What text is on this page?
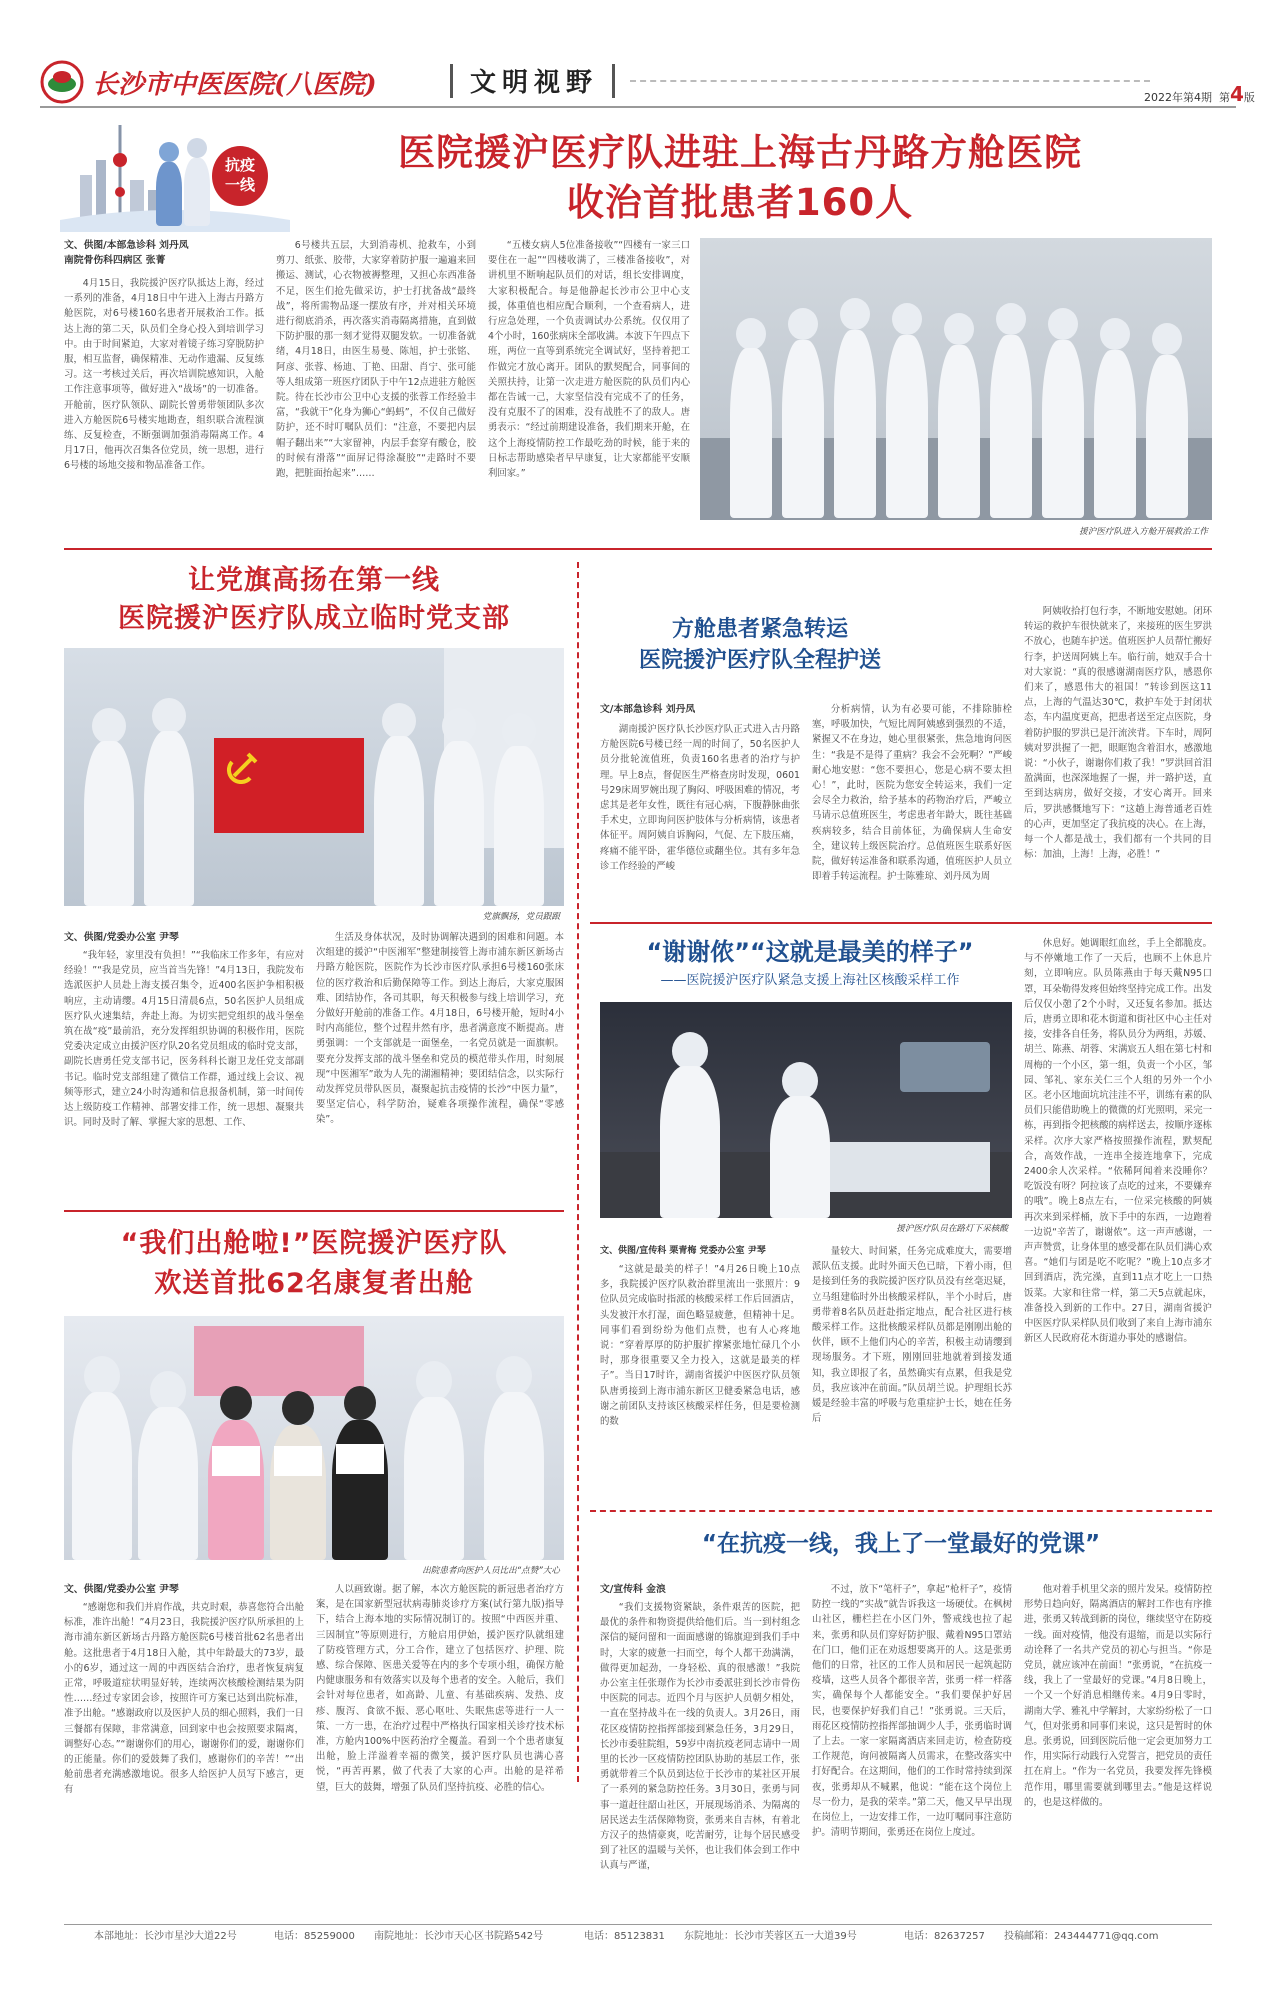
长沙市中医医院(八医院)	文明视野	2022年第4期 第4版
抗疫
一线
医院援沪医疗队进驻上海古丹路方舱医院
收治首批患者160人
文、供图/本部急诊科 刘丹凤
南院骨伤科四病区 张菁
4月15日，我院援沪医疗队抵达上海，经过一系列的准备，4月18日中午进入上海古丹路方舱医院，对6号楼160名患者开展救治工作。抵达上海的第二天，队员们全身心投入到培训学习中。由于时间紧迫，大家对着镜子练习穿脱防护服，相互监督，确保精准、无动作遗漏、反复练习。这一考核过关后，再次培训院感知识，入舱工作注意事项等，做好进入“战场”的一切准备。开舱前，医疗队领队、副院长曾勇带领团队多次进入方舱医院6号楼实地勘查，组织联合流程演练、反复检查，不断强调加强消毒隔离工作。4月17日，他再次召集各位党员，统一思想，进行6号楼的场地交接和物品准备工作。
6号楼共五层，大到消毒机、抢救车，小到剪刀、纸张、胶带，大家穿着防护服一遍遍来回搬运、测试，心衣物被褥整理，又担心东西准备不足，医生们抢先做采访，护士打扰备战“最终战”，将所需物品逐一摆放有序，并对相关环境进行彻底消杀，再次落实消毒隔离措施，直到做下防护服的那一刻才觉得双腿发软。一切准备就绪，4月18日，由医生易曼、陈旭，护士张铭、阿彦、张蓉、杨迪、丁艳、田甜、肖宁、张可能等人组成第一班医疗团队于中午12点进驻方舱医院。待在长沙市公卫中心支援的张蓉工作经验丰富，“我就干”化身为狮心“蚂蚂”，不仅自己做好防护，还不时叮嘱队员们：“注意，不要把内层帽子翻出来”“大家留神，内层手套穿有酸仓，胶的时候有滑落”“面屏记得涂凝胶”“走路时不要跑，把脏面抬起来”……
“五楼女病人5位准备接收”“四楼有一家三口要住在一起”“四楼收满了，三楼准备接收”，对讲机里不断响起队员们的对话，组长安排调度，大家积极配合。每是他静起长沙市公卫中心支援，体重值也相应配合顺利，一个查看病人，进行应急处理，一个负责调试办公系统。仅仅用了4个小时，160张病床全部收满。本波下午四点下班，两位一直等到系统完全调试好，坚持着把工作做完才放心离开。团队的默契配合，同事间的关照扶持，让第一次走进方舱医院的队员们内心都在告诫一己，大家坚信没有完成不了的任务，没有克服不了的困难，没有战胜不了的敌人。唐勇表示：“经过前期建设准备，我们期来开舱，在这个上海疫情防控工作最吃劲的时候，能于来的日标志帮助感染者早早康复，让大家都能平安顺利回家。”
援沪医疗队进入方舱开展救治工作
让党旗高扬在第一线
医院援沪医疗队成立临时党支部
党旗飘扬，党员跟跟
文、供图/党委办公室 尹琴
“我年轻，家里没有负担！”“我临床工作多年，有应对经验！”“我是党员，应当首当先锋！”4月13日，我院发布选派医护人员赴上海支援召集令，近400名医护争相积极响应，主动请缨。4月15日清晨6点，50名医护人员组成医疗队火速集结，奔赴上海。为切实把党组织的战斗堡垒筑在战“疫”最前沿，充分发挥组织协调的积极作用，医院党委决定成立由援沪医疗队20名党员组成的临时党支部，副院长唐勇任党支部书记，医务科科长谢卫龙任党支部副书记。临时党支部组建了微信工作群，通过线上会议、视频等形式，建立24小时沟通和信息报备机制，第一时间传达上级防疫工作精神、部署安排工作，统一思想、凝聚共识。同时及时了解、掌握大家的思想、工作、
生活及身体状况，及时协调解决遇到的困难和问题。本次组建的援沪“中医湘军”整建制接管上海市浦东新区新场古丹路方舱医院，医院作为长沙市医疗队承担6号楼160张床位的医疗救治和后勤保障等工作。到达上海后，大家克服困难、团结协作，各司其职，每天积极参与线上培训学习，充分做好开舱前的准备工作。4月18日，6号楼开舱，短时4小时内高能位，整个过程井然有序，患者满意度不断提高。唐勇强调：一个支部就是一面堡垒，一名党员就是一面旗帜。要充分发挥支部的战斗堡垒和党员的模范带头作用，时刻展现“中医湘军”敢为人先的湖湘精神；要团结信念，以实际行动发挥党员带队医员，凝聚起抗击疫情的长沙“中医力量”，要坚定信心，科学防治，疑难各项操作流程，确保“零感染”。
方舱患者紧急转运
医院援沪医疗队全程护送
文/本部急诊科 刘丹凤
湖南援沪医疗队长沙医疗队正式进入古丹路方舱医院6号楼已经一周的时间了，50名医护人员分批轮流值班，负责160名患者的治疗与护理。早上8点，督促医生严格查房时发现，0601号29床周罗婉出现了胸闷、呼吸困难的情况，考虑其是老年女性，既往有冠心病，下腹静脉曲张手术史，立即询问医护肢体与分析病情，该患者体征平。周阿姨自诉胸闷，气促、左下肢压痛，疼痛不能平卧，霍华德位或翻坐位。其有多年急诊工作经验的严峻
分析病情，认为有必要可能，不排除肺栓塞，呼吸加快，气短比周阿姨感到强烈的不适，紧握又不在身边，她心里很紧张，焦急地询问医生：“我是不是得了重病？我会不会死啊？”严峻耐心地安慰：“您不要担心，您是心病不要太担心！”，此时，医院为您安全转运来，我们一定会尽全力救治，给予基本的药物治疗后，严峻立马请示总值班医生，考虑患者年龄大，既往基础疾病较多，结合目前体征，为确保病人生命安全，建议转上级医院治疗。总值班医生联系好医院，做好转运准备和联系沟通，值班医护人员立即着手转运流程。护士陈雅琼、刘丹凤为周
阿姨收拾打包行李，不断地安慰她。闭环转运的救护车很快就来了，来接班的医生罗洪不放心，也随车护送。值班医护人员帮忙搬好行李，护送周阿姨上车。临行前，她双手合十对大家说：“真的很感谢湖南医疗队，感恩你们来了，感恩伟大的祖国！”转诊到医这11点，上海的气温达30℃，救护车处于封闭状态，车内温度更高，把患者送至定点医院，身着防护服的罗洪已是汗流浃背。下车时，周阿姨对罗洪握了一把，眼眶饱含着泪水，感激地说：“小伙子，谢谢你们救了我！”罗洪回首泪盈满面，也深深地握了一握，并一路护送，直至到达病房，做好交接，才安心离开。回来后，罗洪感慨地写下：“这趟上海普通老百姓的心声，更加坚定了我抗疫的决心。在上海，每一个人都是战士，我们都有一个共同的目标：加油，上海！上海，必胜！”
“谢谢侬”“这就是最美的样子”
——医院援沪医疗队紧急支援上海社区核酸采样工作
援沪医疗队员在路灯下采核酸
文、供图/宣传科 栗青梅 党委办公室 尹琴
“这就是最美的样子！”4月26日晚上10点多，我院援沪医疗队救治群里流出一张照片：9位队员完成临时指派的核酸采样工作后回酒店，头发被汗水打湿，面色略显疲惫，但精神十足。同事们看到纷纷为他们点赞，也有人心疼地说：“穿着厚厚的防护服扩撑紧张地忙碌几个小时，那身很重要又全力投入，这就是最美的样子”。当日17时许，湖南省援沪中医医疗队员领队唐勇接到上海市浦东新区卫健委紧急电话，感谢之前团队支持该区核酸采样任务，但是要检测的数
量较大、时间紧，任务完成难度大，需要增派队伍支援。此时外面天色已暗，下着小雨，但是接到任务的我院援沪医疗队员没有丝毫迟疑，立马组建临时外出核酸采样队，半个小时后，唐勇带着8名队员赶赴指定地点，配合社区进行核酸采样工作。这批核酸采样队员都是刚刚出舱的伙伴，顾不上他们内心的辛苦，积极主动请缨到现场服务。才下班，刚刚回驻地就着到接发通知，我立即报了名，虽然确实有点累，但我是党员，我应该冲在前面。”队员胡兰说。护理组长苏媛是经验丰富的呼吸与危重症护士长，她在任务后
休息好。她调眼红血丝，手上全都脆皮。与不停嫩地工作了一天后，也顾不上休息片刻，立即响应。队员陈燕由于每天戴N95口罩，耳朵勒得发疼但始终坚持完成工作。出发后仅仅小憩了2个小时，又还复名参加。抵达后，唐勇立即和花木街道和街社区中心主任对接，安排各自任务，将队员分为两组，苏媛、胡兰、陈燕、胡蓉、宋满宸五人组在第七村和周梅的一个小区，第一组，负责一个小区，邹园、邹礼、家东关仁三个人组的另外一个小区。老小区地面坑坑洼洼不平，训练有素的队员们只能借助晚上的微微的灯光照明，采完一栋，再到指令把核酸的病样送去，按顺序逐栋采样。次序大家严格按照操作流程，默契配合，高效作战，一连串全接连地拿下，完成2400余人次采样。“依稀阿闻着来没睡你？吃饭没有呀？阿拉该了点吃的过来，不要嫌弃的哦”。晚上8点左右，一位采完核酸的阿姨再次来到采样桶，放下手中的东西，一边跑着一边说“辛苦了，谢谢侬”。这一声声感谢，一声声赞赏，让身体里的感受都在队员们满心欢喜。“她们与团是吃不吃呢？”晚上10点多才回到酒店，洗完澡，直到11点才吃上一口热饭菜。大家和往常一样，第二天5点就起床，准备投入到新的工作中。27日，湖南省援沪中医医疗队采样队员们收到了来自上海市浦东新区人民政府花木街道办事处的感谢信。
“我们出舱啦!”医院援沪医疗队
欢送首批62名康复者出舱
出院患者向医护人员比出“点赞”大心
文、供图/党委办公室 尹琴
“感谢您和我们并肩作战，共克时艰，恭喜您符合出舱标准，准许出舱！”4月23日，我院援沪医疗队所承担的上海市浦东新区新场古丹路方舱医院6号楼首批62名患者出舱。这批患者于4月18日入舱，其中年龄最大的73岁，最小的6岁，通过这一周的中西医结合治疗，患者恢复病复正常，呼吸道症状明显好转，连续两次核酸检测结果为阴性……经过专家团会诊，按照许可方案已达到出院标准，准予出舱。“感谢政府以及医护人员的细心照料，我们一日三餐都有保障，非常满意，回到家中也会按照要求隔离，调整好心态。”“谢谢你们的用心，谢谢你们的爱，谢谢你们的正能量。你们的爱鼓舞了我们，感谢你们的辛苦！”“出舱前患者充满感激地说。很多人给医护人员写下感言，更有
人以画致谢。据了解，本次方舱医院的新冠患者治疗方案，是在国家新型冠状病毒肺炎诊疗方案(试行第九版)指导下，结合上海本地的实际情况制订的。按照“中西医并重、三因制宜”等原则进行，方舱启用伊始，援沪医疗队就组建了防疫管理方式，分工合作，建立了包括医疗、护理、院感、综合保障、医患关爱等在内的多个专项小组，确保方舱内健康服务和有效落实以及每个患者的安全。入舱后，我们会针对每位患者，如高龄、儿童、有基础疾病、发热、皮疹、腹泻、食欲不振、恶心呕吐、失眠焦虑等进行一人一策、一方一患，在治疗过程中严格执行国家相关诊疗技术标准，方舱内100%中医药治疗全覆盖。看到一个个患者康复出舱，脸上洋溢着幸福的微笑，援沪医疗队员也满心喜悦，“再苦再累，做了代表了大家的心声。出舱的是祥希望，巨大的鼓舞，增强了队员们坚持抗疫、必胜的信心。
“在抗疫一线，我上了一堂最好的党课”
文/宣传科 金浪
“我们支援物资紧缺，条件艰苦的医院，把最优的条件和物资提供给他们后。当一到村组念深信的疑问留和一面面感谢的锦旗迎到我们手中时，大家的疲惫一扫而空，每个人都干劲满满，做得更加起劲，一身轻松、真的很感激！”我院办公室主任张璟作为长沙市委派驻到长沙市骨伤中医院的同志。近四个月与医护人员朝夕相处，一直在坚持战斗在一线的负责人。3月26日，雨花区疫情防控指挥部接到紧急任务，3月29日，长沙市委驻院组，59岁中南抗疫老同志请中一周里的长沙一区疫情防控团队协助的基层工作，张勇就带着三个队员到达位于长沙市的某社区开展了一系列的紧急防控任务。3月30日，张勇与同事一道赶往韶山社区，开展现场消杀、为隔离的居民送去生活保障物资，张勇来自吉林，有着北方汉子的热情豪爽，吃苦耐劳，让每个居民感受到了社区的温暖与关怀，也让我们体会到工作中认真与严谨，
不过，放下“笔杆子”，拿起“枪杆子”，疫情防控一线的“实战”就告诉我这一场硬仗。在枫树山社区，栅栏拦在小区门外，警戒线也拉了起来，张勇和队员们穿好防护服、戴着N95口罩站在门口，他们正在劝返想要离开的人。这是张勇他们的日常，社区的工作人员和居民一起筑起防疫墙，这些人员各个都很辛苦，张勇一样一样落实，确保每个人都能安全。“我们要保护好居民，也要保护好我们自己！”张勇说。三天后，雨花区疫情防控指挥部抽调少人手，张勇临时调了上去。一家一家隔离酒店来回走访，检查防疫工作规范，询问被隔离人员需求，在整改落实中打好配合。在这期间，他们的工作时常持续到深夜，张勇却从不喊累，他说：“能在这个岗位上尽一份力，是我的荣幸。”第二天，他又早早出现在岗位上，一边安排工作，一边叮嘱同事注意防护。清明节期间，张勇还在岗位上度过。
他对着手机里父亲的照片发呆。疫情防控形势日趋向好，隔离酒店的解封工作也有序推进，张勇又转战到新的岗位，继续坚守在防疫一线。面对疫情，他没有退缩，而是以实际行动诠释了一名共产党员的初心与担当。“你是党员，就应该冲在前面！”张勇说，“在抗疫一线，我上了一堂最好的党课。”4月8日晚上，一个又一个好消息相继传来。4月9日零时，湖南大学、雅礼中学解封，大家纷纷松了一口气，但对张勇和同事们来说，这只是暂时的休息。张勇说，回到医院后他一定会更加努力工作，用实际行动践行入党誓言，把党员的责任扛在肩上。“作为一名党员，我要发挥先锋模范作用，哪里需要就到哪里去。”他是这样说的，也是这样做的。
本部地址：长沙市星沙大道22号	电话：85259000 南院地址：长沙市天心区书院路542号	电话：85123831 东院地址：长沙市芙蓉区五一大道39号	电话：82637257 投稿邮箱：243444771@qq.com
